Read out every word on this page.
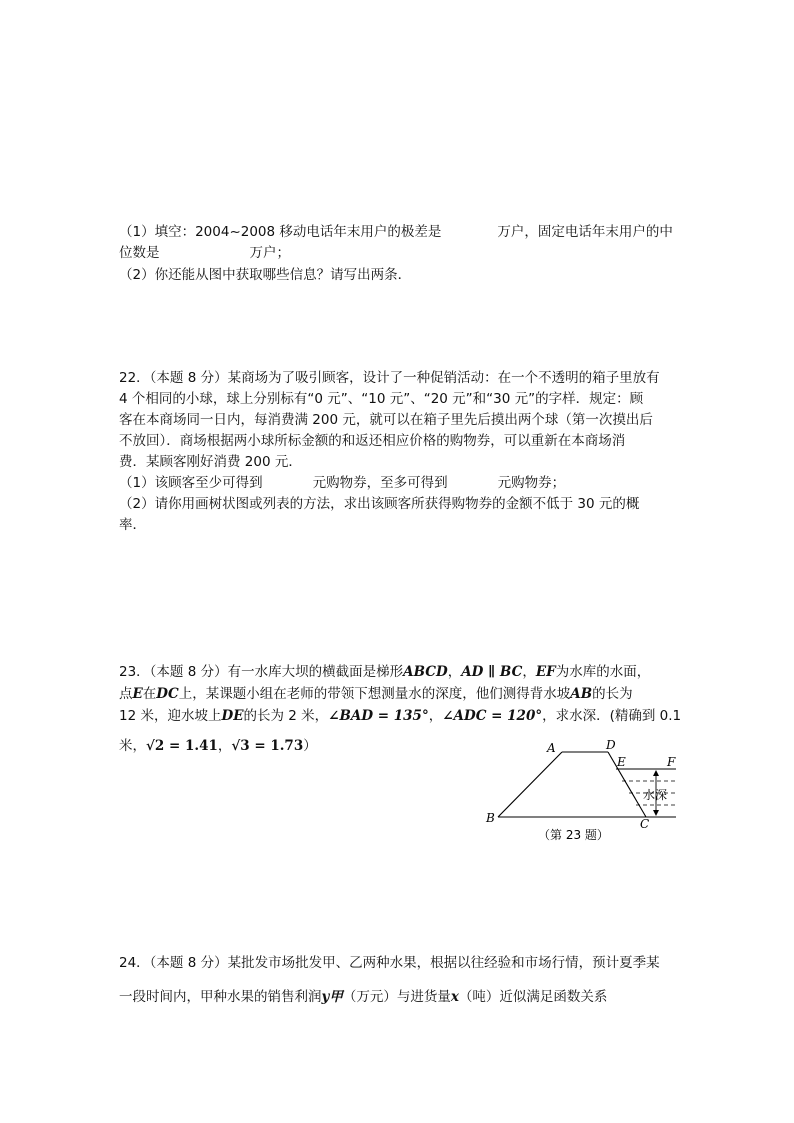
（1）填空：2004~2008 移动电话年末用户的极差是	万户，固定电话年末用户的中
位数是	万户；
（2）你还能从图中获取哪些信息？请写出两条．
22．（本题 8 分）某商场为了吸引顾客，设计了一种促销活动：在一个不透明的箱子里放有
4 个相同的小球，球上分别标有“0 元”、“10 元”、“20 元”和“30 元”的字样．规定：顾
客在本商场同一日内，每消费满 200 元，就可以在箱子里先后摸出两个球（第一次摸出后
不放回）．商场根据两小球所标金额的和返还相应价格的购物券，可以重新在本商场消
费．某顾客刚好消费 200 元．
（1）该顾客至少可得到	元购物券，至多可得到	元购物券；
（2）请你用画树状图或列表的方法，求出该顾客所获得购物券的金额不低于 30 元的概
率．
23．（本题 8 分）有一水库大坝的横截面是梯形ABCD，AD ∥ BC，EF为水库的水面，
点E在DC上，某课题小组在老师的带领下想测量水的深度，他们测得背水坡AB的长为
12 米，迎水坡上DE的长为 2 米，∠BAD = 135°，∠ADC = 120°，求水深．(精确到 0.1
米，√2 = 1.41，√3 = 1.73）	A	D
E	F
B	C
水深
（第 23 题）
24．（本题 8 分）某批发市场批发甲、乙两种水果，根据以往经验和市场行情，预计夏季某
一段时间内，甲种水果的销售利润y甲（万元）与进货量x（吨）近似满足函数关系
